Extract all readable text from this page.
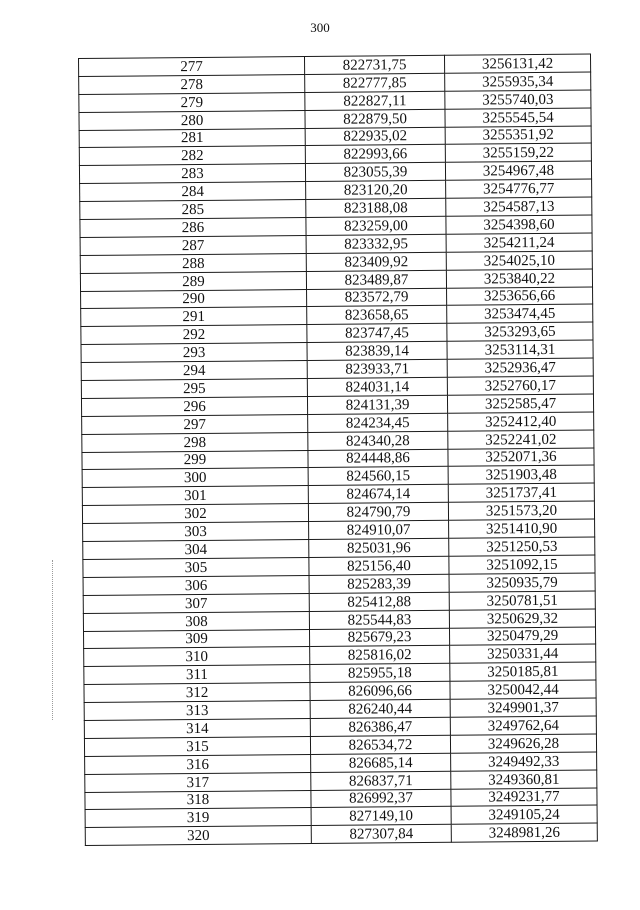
300
277	822731,75	3256131,42
278	822777,85	3255935,34
279	822827,11	3255740,03
280	822879,50	3255545,54
281	822935,02	3255351,92
282	822993,66	3255159,22
283	823055,39	3254967,48
284	823120,20	3254776,77
285	823188,08	3254587,13
286	823259,00	3254398,60
287	823332,95	3254211,24
288	823409,92	3254025,10
289	823489,87	3253840,22
290	823572,79	3253656,66
291	823658,65	3253474,45
292	823747,45	3253293,65
293	823839,14	3253114,31
294	823933,71	3252936,47
295	824031,14	3252760,17
296	824131,39	3252585,47
297	824234,45	3252412,40
298	824340,28	3252241,02
299	824448,86	3252071,36
300	824560,15	3251903,48
301	824674,14	3251737,41
302	824790,79	3251573,20
303	824910,07	3251410,90
304	825031,96	3251250,53
305	825156,40	3251092,15
306	825283,39	3250935,79
307	825412,88	3250781,51
308	825544,83	3250629,32
309	825679,23	3250479,29
310	825816,02	3250331,44
311	825955,18	3250185,81
312	826096,66	3250042,44
313	826240,44	3249901,37
314	826386,47	3249762,64
315	826534,72	3249626,28
316	826685,14	3249492,33
317	826837,71	3249360,81
318	826992,37	3249231,77
319	827149,10	3249105,24
320	827307,84	3248981,26
